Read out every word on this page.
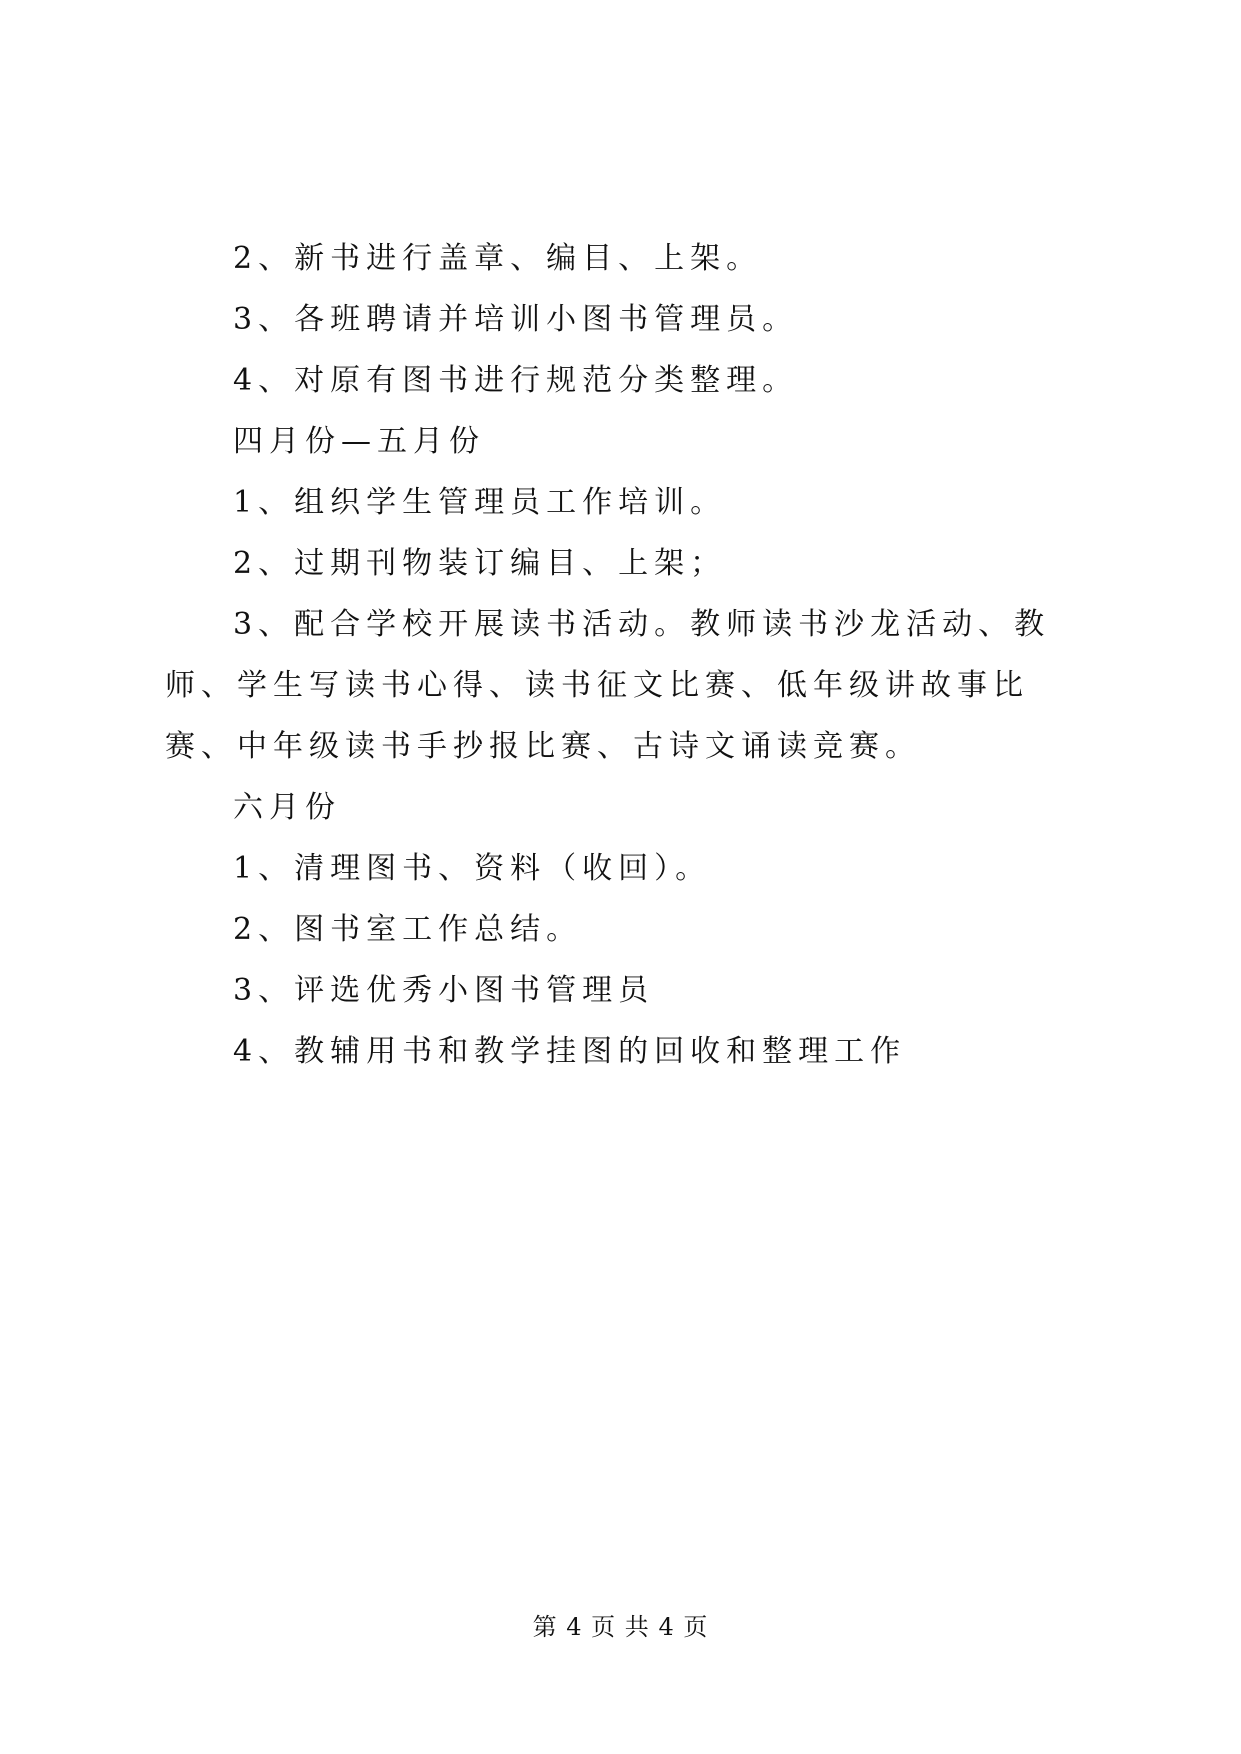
2、新书进行盖章、编目、上架。

3、各班聘请并培训小图书管理员。

4、对原有图书进行规范分类整理。

四月份—五月份

1、组织学生管理员工作培训。

2、过期刊物装订编目、上架；

3、配合学校开展读书活动。教师读书沙龙活动、教师、学生写读书心得、读书征文比赛、低年级讲故事比赛、中年级读书手抄报比赛、古诗文诵读竞赛。

六月份

1、清理图书、资料（收回）。

2、图书室工作总结。

3、评选优秀小图书管理员

4、教辅用书和教学挂图的回收和整理工作

第 4 页 共 4 页
